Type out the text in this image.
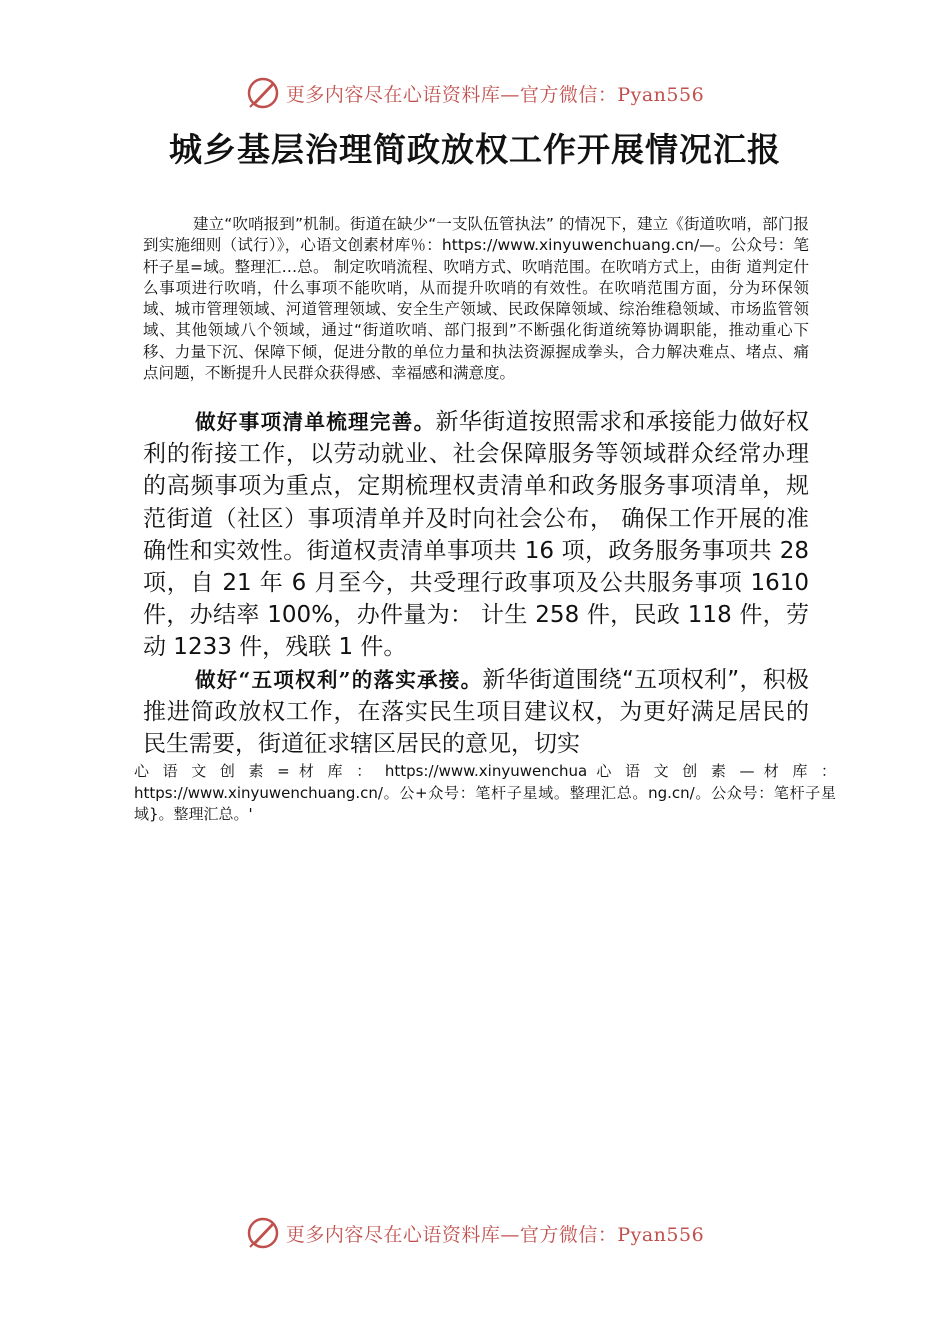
更多内容尽在心语资料库—官方微信：Pyan556
城乡基层治理简政放权工作开展情况汇报

建立“吹哨报到”机制。街道在缺少“一支队伍管执法” 的情况下，建立《街道吹哨，部门报到实施细则（试行）》，心语文创素材库％：https://www.xinyuwenchuang.cn/—。公众号：笔杆子星=域。整理汇…总。 制定吹哨流程、吹哨方式、吹哨范围。在吹哨方式上，由街 道判定什么事项进行吹哨，什么事项不能吹哨，从而提升吹哨的有效性。在吹哨范围方面，分为环保领域、城市管理领域、河道管理领域、安全生产领域、民政保障领域、综治维稳领域、市场监管领域、其他领域八个领域，通过“街道吹哨、部门报到”不断强化街道统筹协调职能，推动重心下移、力量下沉、保障下倾，促进分散的单位力量和执法资源握成拳头，合力解决难点、堵点、痛点问题，不断提升人民群众获得感、幸福感和满意度。

做好事项清单梳理完善。新华街道按照需求和承接能力做好权利的衔接工作，以劳动就业、社会保障服务等领域群众经常办理的高频事项为重点，定期梳理权责清单和政务服务事项清单，规范街道（社区）事项清单并及时向社会公布， 确保工作开展的准确性和实效性。街道权责清单事项共 16 项，政务服务事项共 28 项，自 21 年 6 月至今，共受理行政事项及公共服务事项 1610 件，办结率 100%，办件量为： 计生 258 件，民政 118 件，劳动 1233 件，残联 1 件。

做好“五项权利”的落实承接。新华街道围绕“五项权利”，积极推进简政放权工作，在落实民生项目建议权，为更好满足居民的民生需要，街道征求辖区居民的意见，切实

心 语 文 创 素 = 材 库 ： https://www.xinyuwenchua 心 语 文 创 素 — 材 库 ： https://www.xinyuwenchuang.cn/。公+众号：笔杆子星域。整理汇总。ng.cn/。公众号：笔杆子星域}。整理汇总。'

更多内容尽在心语资料库—官方微信：Pyan556
